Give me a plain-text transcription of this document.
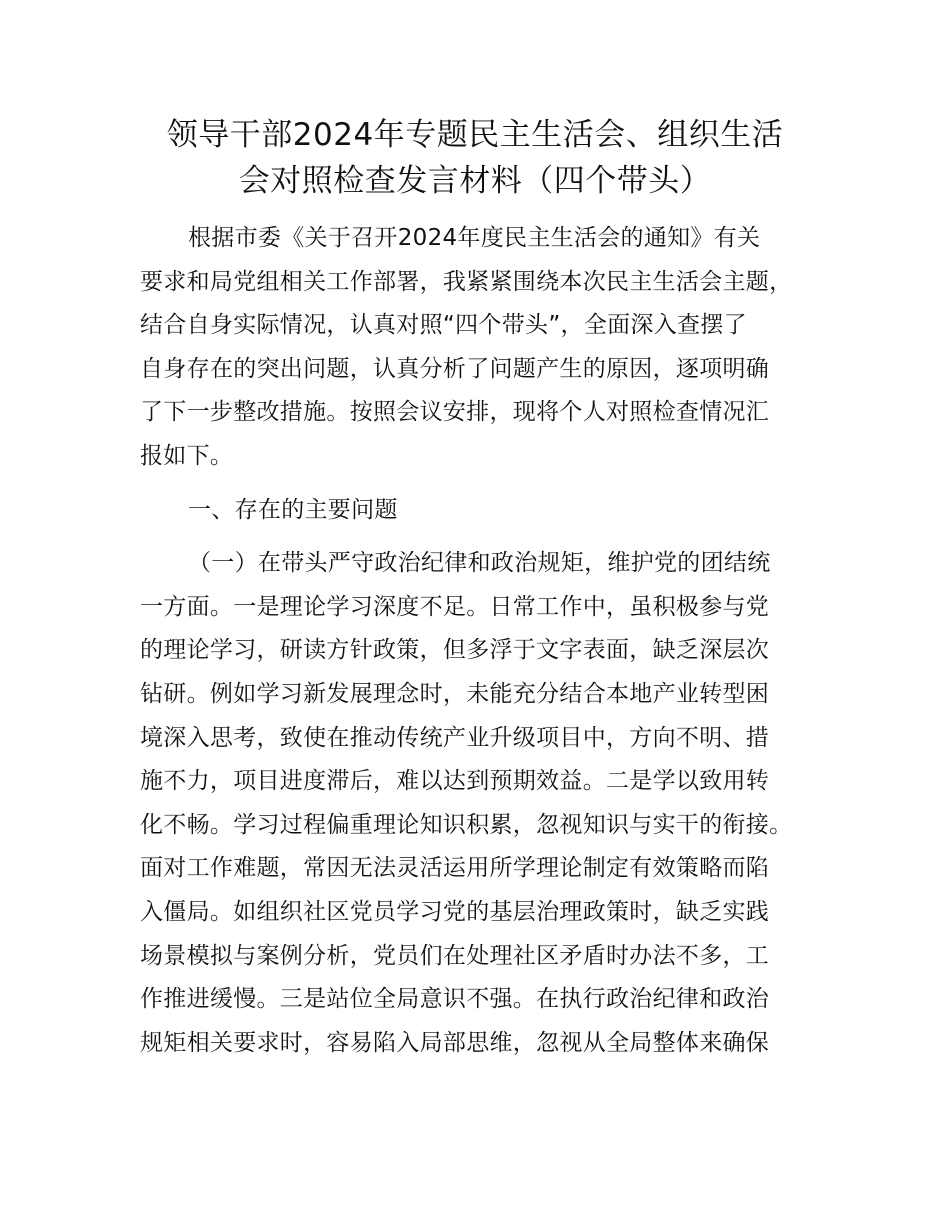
领导干部2024年专题民主生活会、组织生活
会对照检查发言材料（四个带头）
根据市委《关于召开2024年度民主生活会的通知》有关
要求和局党组相关工作部署，我紧紧围绕本次民主生活会主题，
结合自身实际情况，认真对照“四个带头”，全面深入查摆了
自身存在的突出问题，认真分析了问题产生的原因，逐项明确
了下一步整改措施。按照会议安排，现将个人对照检查情况汇
报如下。
一、存在的主要问题
（一）在带头严守政治纪律和政治规矩，维护党的团结统
一方面。一是理论学习深度不足。日常工作中，虽积极参与党
的理论学习，研读方针政策，但多浮于文字表面，缺乏深层次
钻研。例如学习新发展理念时，未能充分结合本地产业转型困
境深入思考，致使在推动传统产业升级项目中，方向不明、措
施不力，项目进度滞后，难以达到预期效益。二是学以致用转
化不畅。学习过程偏重理论知识积累，忽视知识与实干的衔接。
面对工作难题，常因无法灵活运用所学理论制定有效策略而陷
入僵局。如组织社区党员学习党的基层治理政策时，缺乏实践
场景模拟与案例分析，党员们在处理社区矛盾时办法不多，工
作推进缓慢。三是站位全局意识不强。在执行政治纪律和政治
规矩相关要求时，容易陷入局部思维，忽视从全局整体来确保
